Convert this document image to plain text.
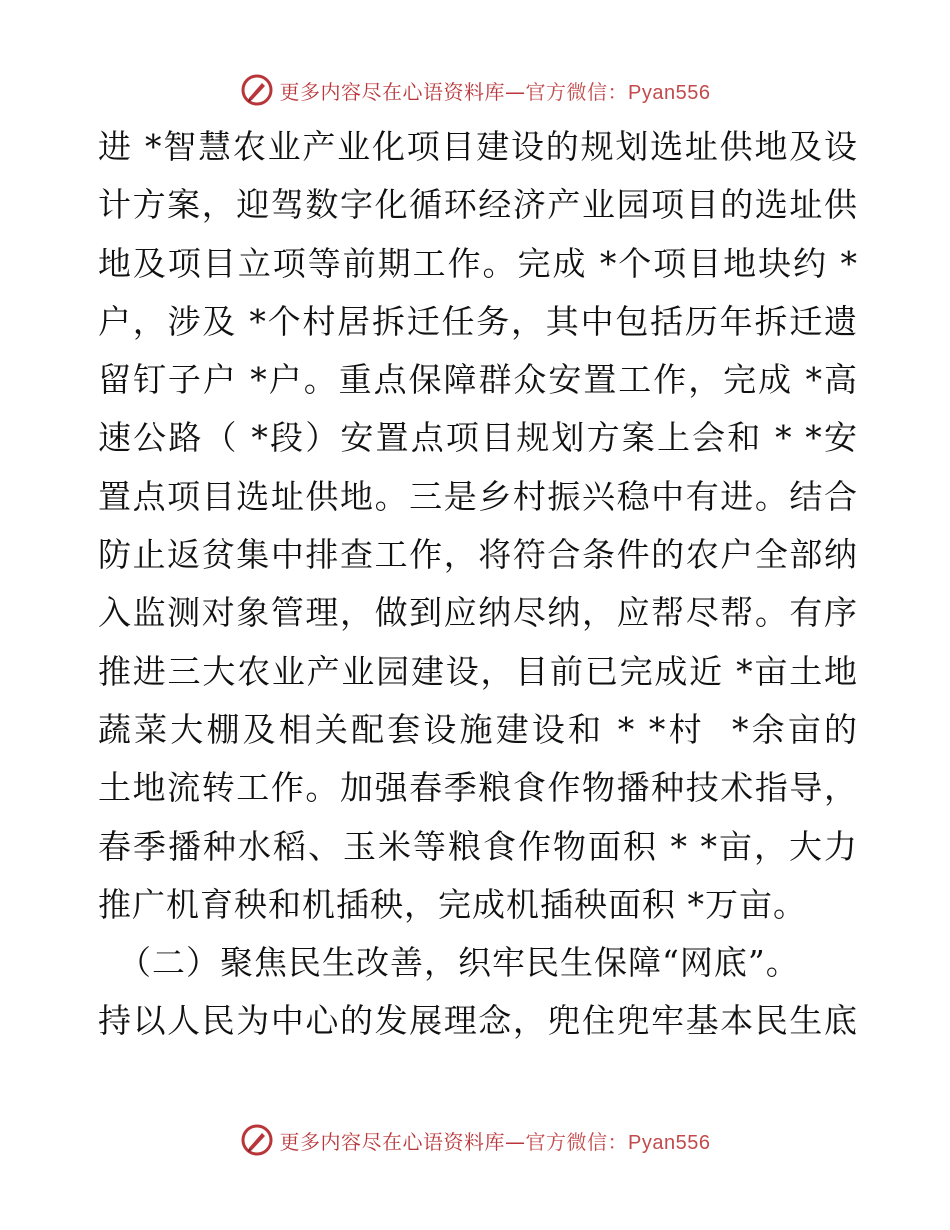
更多内容尽在心语资料库—官方微信：Pyan556
进 *智慧农业产业化项目建设的规划选址供地及设
计方案，迎驾数字化循环经济产业园项目的选址供
地及项目立项等前期工作。完成 *个项目地块约 *
户，涉及 *个村居拆迁任务，其中包括历年拆迁遗
留钉子户 *户。重点保障群众安置工作，完成 *高
速公路（ *段）安置点项目规划方案上会和 * *安
置点项目选址供地。三是乡村振兴稳中有进。结合
防止返贫集中排查工作，将符合条件的农户全部纳
入监测对象管理，做到应纳尽纳，应帮尽帮。有序
推进三大农业产业园建设，目前已完成近 *亩土地
蔬菜大棚及相关配套设施建设和 * *村  *余亩的
土地流转工作。加强春季粮食作物播种技术指导，
春季播种水稻、玉米等粮食作物面积 * *亩，大力
推广机育秧和机插秧，完成机插秧面积 *万亩。
（二）聚焦民生改善，织牢民生保障“网底”。
持以人民为中心的发展理念，兜住兜牢基本民生底
更多内容尽在心语资料库—官方微信：Pyan556
